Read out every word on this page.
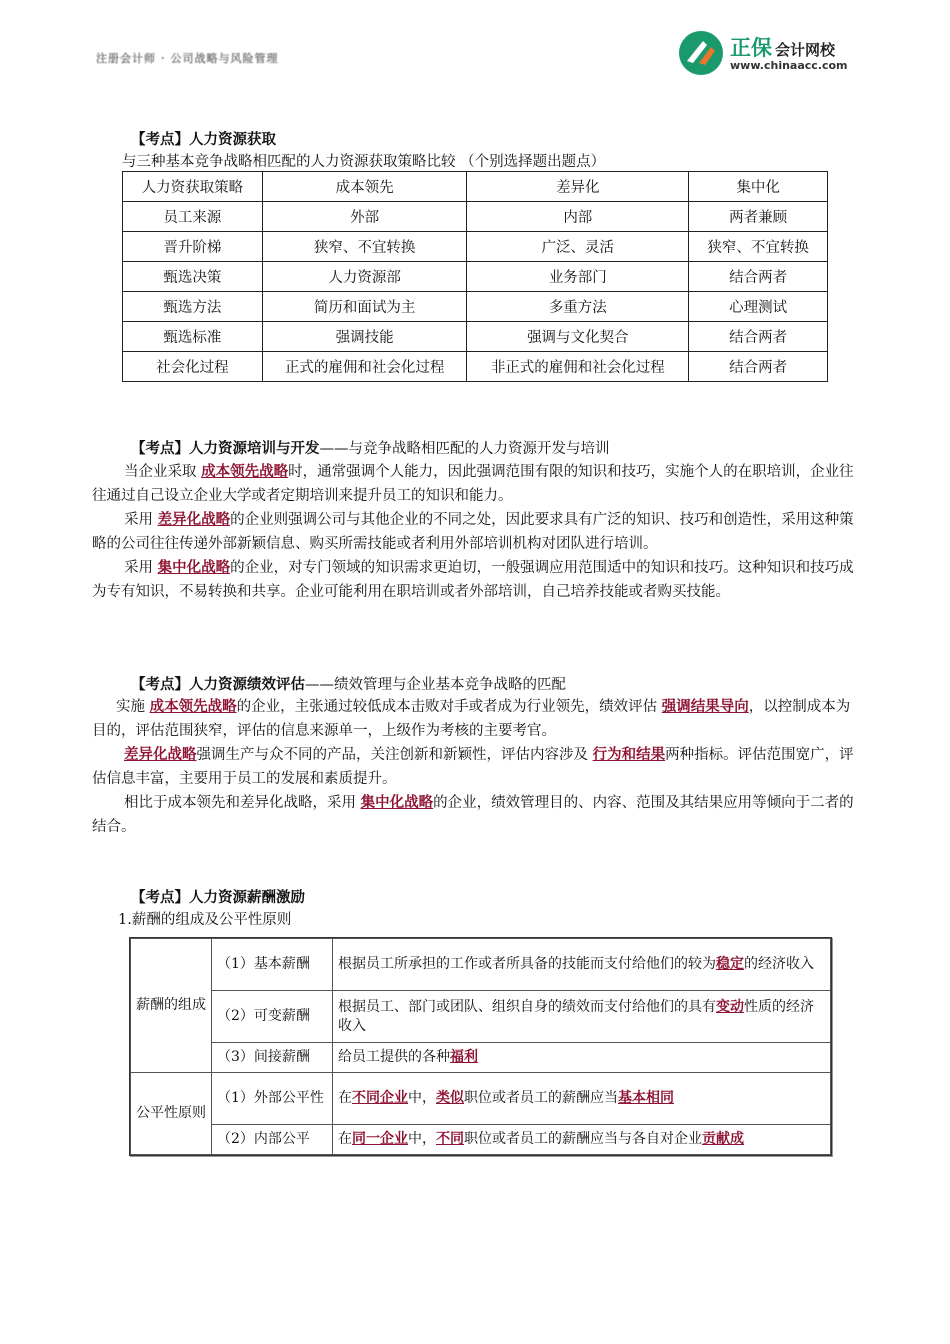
注册会计师 · 公司战略与风险管理	正保 会计网校
www.chinaacc.com
【考点】人力资源获取
与三种基本竞争战略相匹配的人力资源获取策略比较 （个别选择题出题点）
人力资获取策略	成本领先	差异化	集中化
员工来源	外部	内部	两者兼顾
晋升阶梯	狭窄、不宜转换	广泛、灵活	狭窄、不宜转换
甄选决策	人力资源部	业务部门	结合两者
甄选方法	简历和面试为主	多重方法	心理测试
甄选标准	强调技能	强调与文化契合	结合两者
社会化过程	正式的雇佣和社会化过程	非正式的雇佣和社会化过程	结合两者
【考点】人力资源培训与开发——与竞争战略相匹配的人力资源开发与培训

当企业采取 成本领先战略时，通常强调个人能力，因此强调范围有限的知识和技巧，实施个人的在职培训，企业往往通过自己设立企业大学或者定期培训来提升员工的知识和能力。

采用 差异化战略的企业则强调公司与其他企业的不同之处，因此要求具有广泛的知识、技巧和创造性，采用这种策略的公司往往传递外部新颖信息、购买所需技能或者利用外部培训机构对团队进行培训。

采用 集中化战略的企业，对专门领域的知识需求更迫切，一般强调应用范围适中的知识和技巧。这种知识和技巧成为专有知识，不易转换和共享。企业可能利用在职培训或者外部培训，自己培养技能或者购买技能。

【考点】人力资源绩效评估——绩效管理与企业基本竞争战略的匹配

实施 成本领先战略的企业，主张通过较低成本击败对手或者成为行业领先，绩效评估 强调结果导向，以控制成本为目的，评估范围狭窄，评估的信息来源单一，上级作为考核的主要考官。

差异化战略强调生产与众不同的产品，关注创新和新颖性，评估内容涉及 行为和结果两种指标。评估范围宽广，评估信息丰富，主要用于员工的发展和素质提升。

相比于成本领先和差异化战略，采用 集中化战略的企业，绩效管理目的、内容、范围及其结果应用等倾向于二者的结合。

【考点】人力资源薪酬激励
1.薪酬的组成及公平性原则
薪酬的组成	（1）基本薪酬	根据员工所承担的工作或者所具备的技能而支付给他们的较为稳定的经济收入
	（2）可变薪酬	根据员工、部门或团队、组织自身的绩效而支付给他们的具有变动性质的经济收入
	（3）间接薪酬	给员工提供的各种福利
公平性原则	（1）外部公平性	在不同企业中，类似职位或者员工的薪酬应当基本相同
	（2）内部公平	在同一企业中，不同职位或者员工的薪酬应当与各自对企业贡献成
